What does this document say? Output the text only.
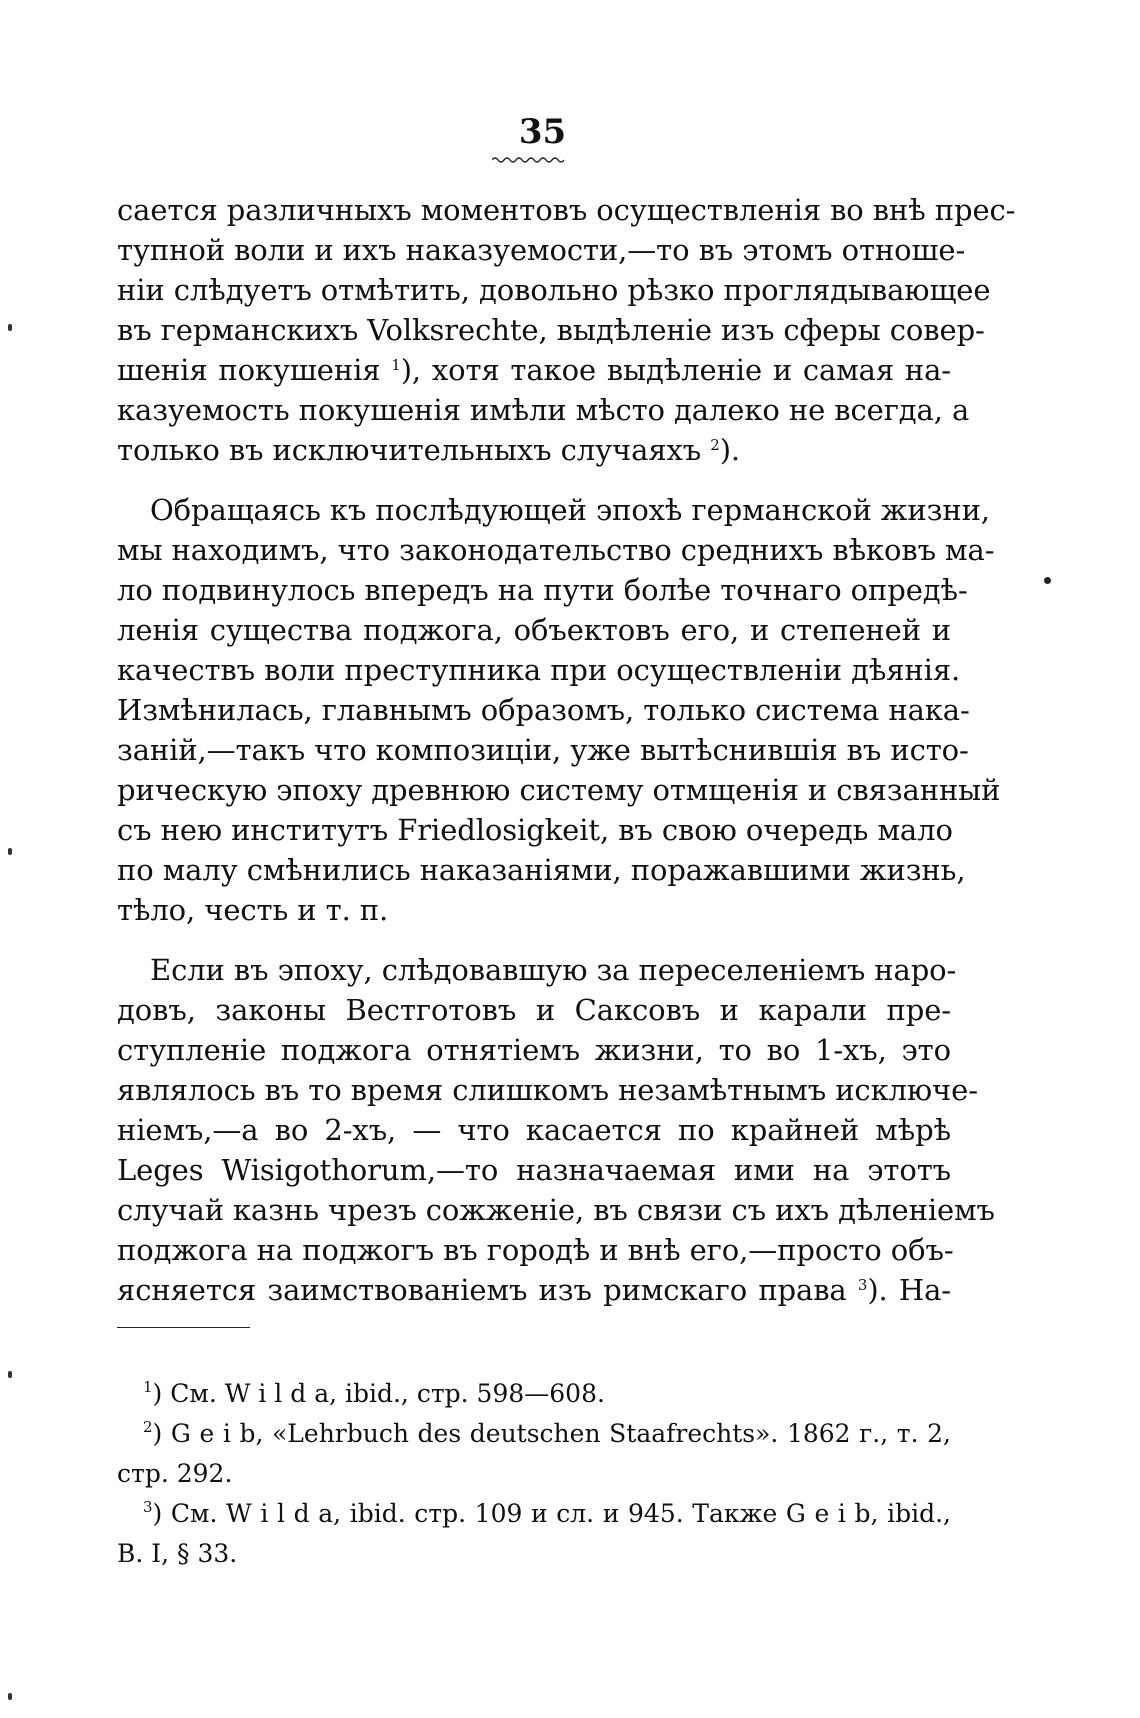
35
сается различныхъ моментовъ осуществленія во внѣ прес-
тупной воли и ихъ наказуемости,—то въ этомъ отноше-
ніи слѣдуетъ отмѣтить, довольно рѣзко проглядывающее
въ германскихъ Volksrechte, выдѣленіе изъ сферы совер-
шенія покушенія $^1$), хотя такое выдѣленіе и самая на-
казуемость покушенія имѣли мѣсто далеко не всегда, а
только въ исключительныхъ случаяхъ $^2$).
Обращаясь къ послѣдующей эпохѣ германской жизни,
мы находимъ, что законодательство среднихъ вѣковъ ма-
ло подвинулось впередъ на пути болѣе точнаго опредѣ-
ленія существа поджога, объектовъ его, и степеней и
качествъ воли преступника при осуществленіи дѣянія.
Измѣнилась, главнымъ образомъ, только система нака-
заній,—такъ что композиціи, уже вытѣснившія въ исто-
рическую эпоху древнюю систему отмщенія и связанный
съ нею институтъ Friedlosigkeit, въ свою очередь мало
по малу смѣнились наказаніями, поражавшими жизнь,
тѣло, честь и т. п.
Если въ эпоху, слѣдовавшую за переселеніемъ наро-
довъ, законы Вестготовъ и Саксовъ и карали пре-
ступленіе поджога отнятіемъ жизни, то во 1-хъ, это
являлось въ то время слишкомъ незамѣтнымъ исключе-
ніемъ,—а во 2-хъ, — что касается по крайней мѣрѣ
Leges Wisigothorum,—то назначаемая ими на этотъ
случай казнь чрезъ сожженіе, въ связи съ ихъ дѣленіемъ
поджога на поджогъ въ городѣ и внѣ его,—просто объ-
ясняется заимствованіемъ изъ римскаго права $^3$). На-
$^1$) См. W i l d a, ibid., стр. 598—608.
$^2$) G e i b, «Lehrbuch des deutschen Staafrechts». 1862 г., т. 2,
стр. 292.
$^3$) См. W i l d a, ibid. стр. 109 и сл. и 945. Также G e i b, ibid.,
B. I, § 33.
